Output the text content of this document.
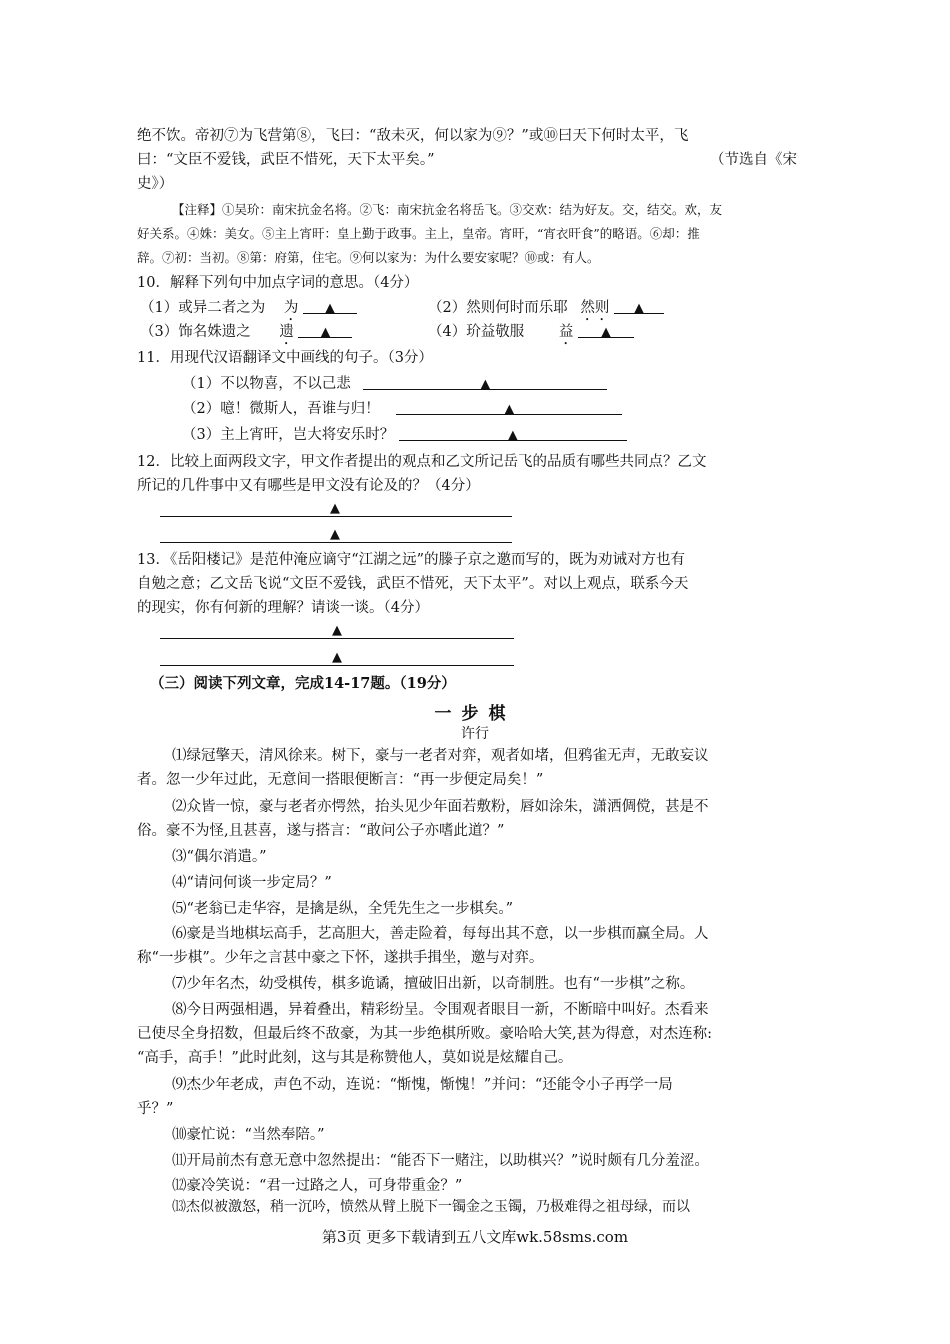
绝不饮。帝初⑦为飞营第⑧，飞曰：“敌未灭，何以家为⑨？”或⑩曰天下何时太平，飞
曰：“文臣不爱钱，武臣不惜死，天下太平矣。”	（节选自《宋
史》）
【注释】①吴玠：南宋抗金名将。②飞：南宋抗金名将岳飞。③交欢：结为好友。交，结交。欢，友
好关系。④姝：美女。⑤主上宵旰：皇上勤于政事。主上，皇帝。宵旰，“宵衣旰食”的略语。⑥却：推
辞。⑦初：当初。⑧第：府第，住宅。⑨何以家为：为什么要安家呢？⑩或：有人。
10．解释下列句中加点字词的意思。（4分）
（1）或异二者之为 为 ▲	（2）然则何时而乐耶 然则 ▲
（3）饰名姝遗之 遗 ▲	（4）玠益敬服 益 ▲
11．用现代汉语翻译文中画线的句子。（3分）
（1）不以物喜，不以己悲	▲
（2）噫！微斯人，吾谁与归！	▲
（3）主上宵旰，岂大将安乐时？	▲
12．比较上面两段文字，甲文作者提出的观点和乙文所记岳飞的品质有哪些共同点？乙文
所记的几件事中又有哪些是甲文没有论及的？（4分）
▲
▲
13．《岳阳楼记》是范仲淹应谪守“江湖之远”的滕子京之邀而写的，既为劝诫对方也有
自勉之意；乙文岳飞说“文臣不爱钱，武臣不惜死，天下太平”。对以上观点，联系今天
的现实，你有何新的理解？请谈一谈。（4分）
▲
▲
（三）阅读下列文章，完成14-17题。（19分）
一步棋
许行
⑴绿冠擎天，清风徐来。树下，豪与一老者对弈，观者如堵，但鸦雀无声，无敢妄议
者。忽一少年过此，无意间一搭眼便断言：“再一步便定局矣！”
⑵众皆一惊，豪与老者亦愕然，抬头见少年面若敷粉，唇如涂朱，潇洒倜傥，甚是不
俗。豪不为怪,且甚喜，遂与搭言：“敢问公子亦嗜此道？”
⑶“偶尔消遣。”
⑷“请问何谈一步定局？”
⑸“老翁已走华容，是擒是纵，全凭先生之一步棋矣。”
⑹豪是当地棋坛高手，艺高胆大，善走险着，每每出其不意，以一步棋而赢全局。人
称“一步棋”。少年之言甚中豪之下怀，遂拱手揖坐，邀与对弈。
⑺少年名杰，幼受棋传，棋多诡谲，擅破旧出新，以奇制胜。也有“一步棋”之称。
⑻今日两强相遇，异着叠出，精彩纷呈。令围观者眼目一新，不断暗中叫好。杰看来
已使尽全身招数，但最后终不敌豪，为其一步绝棋所败。豪哈哈大笑,甚为得意，对杰连称:
“高手，高手！”此时此刻，这与其是称赞他人，莫如说是炫耀自己。
⑼杰少年老成，声色不动，连说：“惭愧，惭愧！”并问：“还能令小子再学一局
乎？”
⑽豪忙说：“当然奉陪。”
⑾开局前杰有意无意中忽然提出：“能否下一赌注，以助棋兴？”说时颇有几分羞涩。
⑿豪冷笑说：“君一过路之人，可身带重金？”
⒀杰似被激怒，稍一沉吟，愤然从臂上脱下一镯金之玉镯，乃极难得之祖母绿，而以
第3页 更多下载请到五八文库wk.58sms.com
